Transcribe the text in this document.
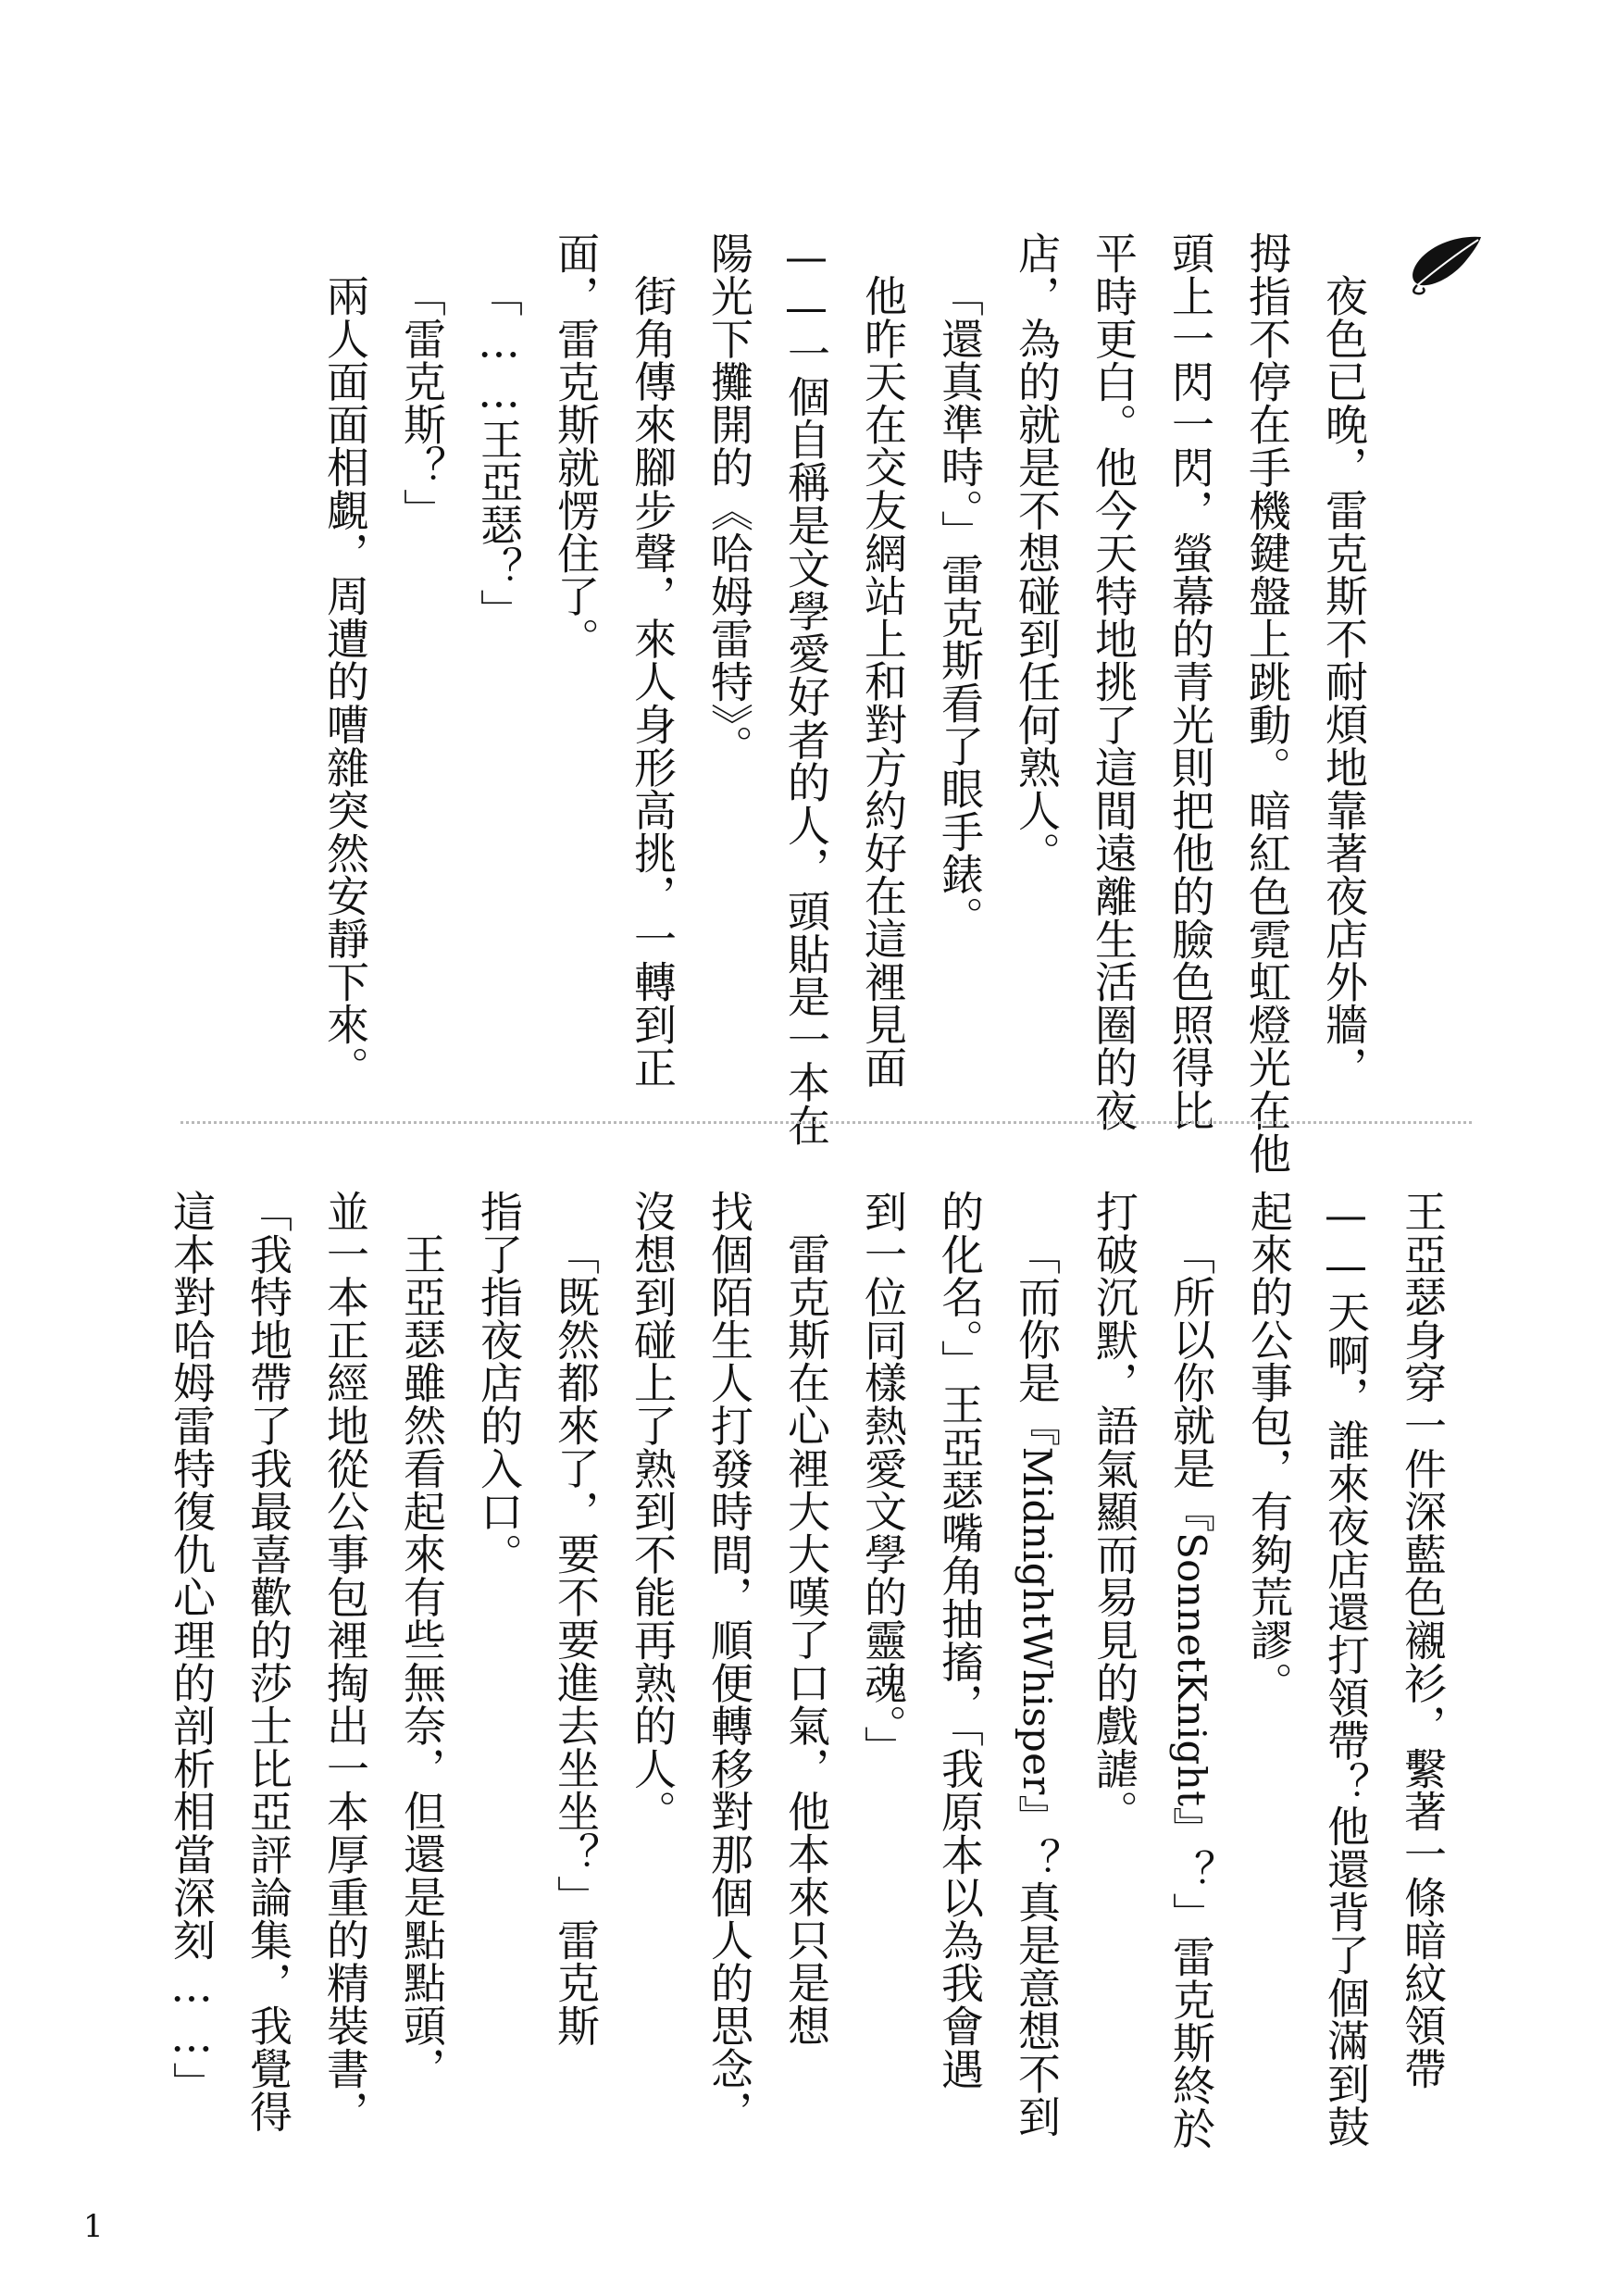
夜色已晚，雷克斯不耐煩地靠著夜店外牆，
拇指不停在手機鍵盤上跳動。暗紅色霓虹燈光在他
頭上一閃一閃，螢幕的青光則把他的臉色照得比
平時更白。他今天特地挑了這間遠離生活圈的夜
店，為的就是不想碰到任何熟人。
「還真準時。」雷克斯看了眼手錶。
他昨天在交友網站上和對方約好在這裡見面
——一個自稱是文學愛好者的人，頭貼是一本在
陽光下攤開的《哈姆雷特》。
街角傳來腳步聲，來人身形高挑，一轉到正
面，雷克斯就愣住了。
「……王亞瑟？」
「雷克斯？」
兩人面面相覷，周遭的嘈雜突然安靜下來。
王亞瑟身穿一件深藍色襯衫，繫著一條暗紋領帶
——天啊，誰來夜店還打領帶？他還背了個滿到鼓
起來的公事包，有夠荒謬。
「所以你就是『SonnetKnight』？」雷克斯終於
打破沉默，語氣顯而易見的戲謔。
「而你是『MidnightWhisper』？真是意想不到
的化名。」王亞瑟嘴角抽搐，「我原本以為我會遇
到一位同樣熱愛文學的靈魂。」
雷克斯在心裡大大嘆了口氣，他本來只是想
找個陌生人打發時間，順便轉移對那個人的思念，
沒想到碰上了熟到不能再熟的人。
「既然都來了，要不要進去坐坐？」雷克斯
指了指夜店的入口。
王亞瑟雖然看起來有些無奈，但還是點點頭，
並一本正經地從公事包裡掏出一本厚重的精裝書，
「我特地帶了我最喜歡的莎士比亞評論集，我覺得
這本對哈姆雷特復仇心理的剖析相當深刻……」
1
